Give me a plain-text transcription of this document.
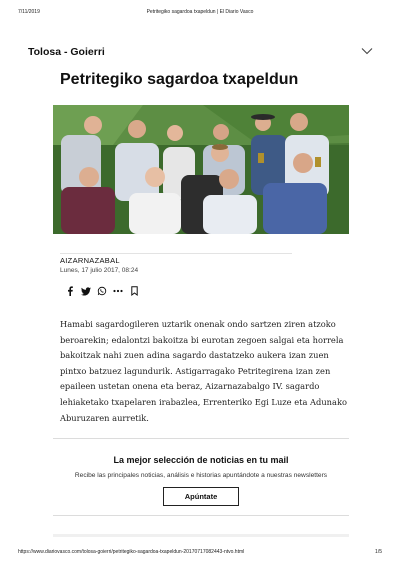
7/11/2019	Petritegiko sagardoa txapeldun | El Diario Vasco
Tolosa - Goierri
Petritegiko sagardoa txapeldun
AIZARNAZABAL
Lunes, 17 julio 2017, 08:24

Hamabi sagardogileren uztarik onenak ondo sartzen ziren atzoko beroarekin; edalontzi bakoitza bi eurotan zegoen salgai eta horrela bakoitzak nahi zuen adina sagardo dastatzeko aukera izan zuen pintxo batzuez lagundurik. Astigarragako Petritegirena izan zen epaileen ustetan onena eta beraz, Aizarnazabalgo IV. sagardo lehiaketako txapelaren irabazlea, Errenteriko Egi Luze eta Adunako Aburuzaren aurretik.

La mejor selección de noticias en tu mail
Recibe las principales noticias, análisis e historias apuntándote a nuestras newsletters
Apúntate
https://www.diariovasco.com/tolosa-goierri/petritegiko-sagardoa-txapeldun-20170717082443-ntvo.html	1/5
